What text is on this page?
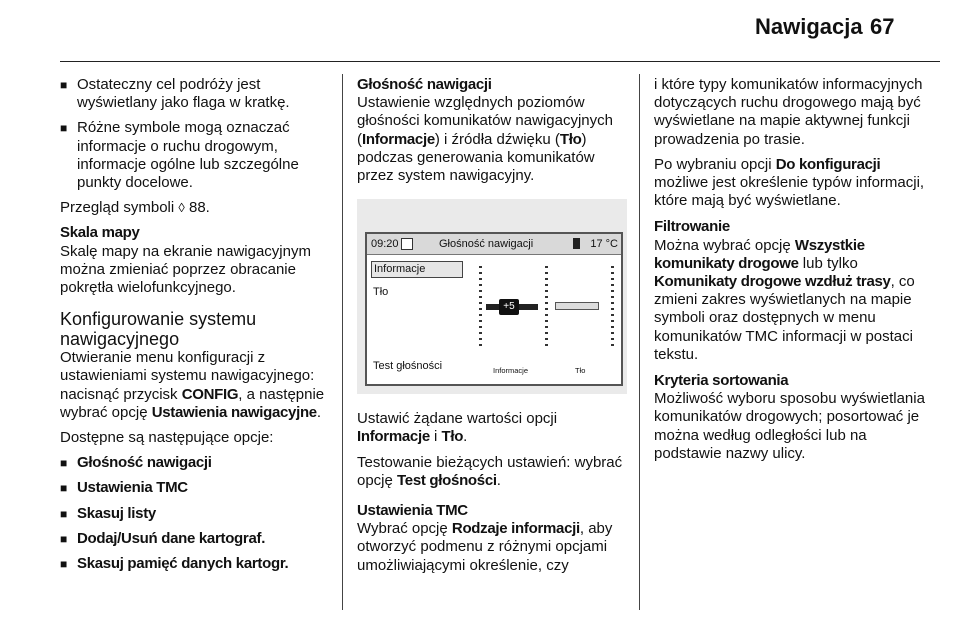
Nawigacja 67
■ Ostateczny cel podróży jest wyświetlany jako flaga w kratkę.
■ Różne symbole mogą oznaczać informacje o ruchu drogowym, informacje ogólne lub szczególne punkty docelowe.

Przegląd symboli ◊ 88.

Skala mapy

Skalę mapy na ekranie nawigacyjnym można zmieniać poprzez obracanie pokrętła wielofunkcyjnego.

Konfigurowanie systemu nawigacyjnego

Otwieranie menu konfiguracji z ustawieniami systemu nawigacyjnego: nacisnąć przycisk CONFIG, a następnie wybrać opcję Ustawienia nawigacyjne.

Dostępne są następujące opcje:

■ Głośność nawigacji
■ Ustawienia TMC
■ Skasuj listy
■ Dodaj/Usuń dane kartograf.
■ Skasuj pamięć danych kartogr.
Głośność nawigacji

Ustawienie względnych poziomów głośności komunikatów nawigacyjnych (Informacje) i źródła dźwięku (Tło) podczas generowania komunikatów przez system nawigacyjny.

09:20	Głośność nawigacji	17 °C
Informacje
Tło
Test głośności
+5
Informacje	Tło

Ustawić żądane wartości opcji Informacje i Tło.

Testowanie bieżących ustawień: wybrać opcję Test głośności.

Ustawienia TMC

Wybrać opcję Rodzaje informacji, aby otworzyć podmenu z różnymi opcjami umożliwiającymi określenie, czy

i które typy komunikatów informacyjnych dotyczących ruchu drogowego mają być wyświetlane na mapie aktywnej funkcji prowadzenia po trasie.

Po wybraniu opcji Do konfiguracji możliwe jest określenie typów informacji, które mają być wyświetlane.

Filtrowanie

Można wybrać opcję Wszystkie komunikaty drogowe lub tylko Komunikaty drogowe wzdłuż trasy, co zmieni zakres wyświetlanych na mapie symboli oraz dostępnych w menu komunikatów TMC informacji w postaci tekstu.

Kryteria sortowania

Możliwość wyboru sposobu wyświetlania komunikatów drogowych; posortować je można według odległości lub na podstawie nazwy ulicy.
